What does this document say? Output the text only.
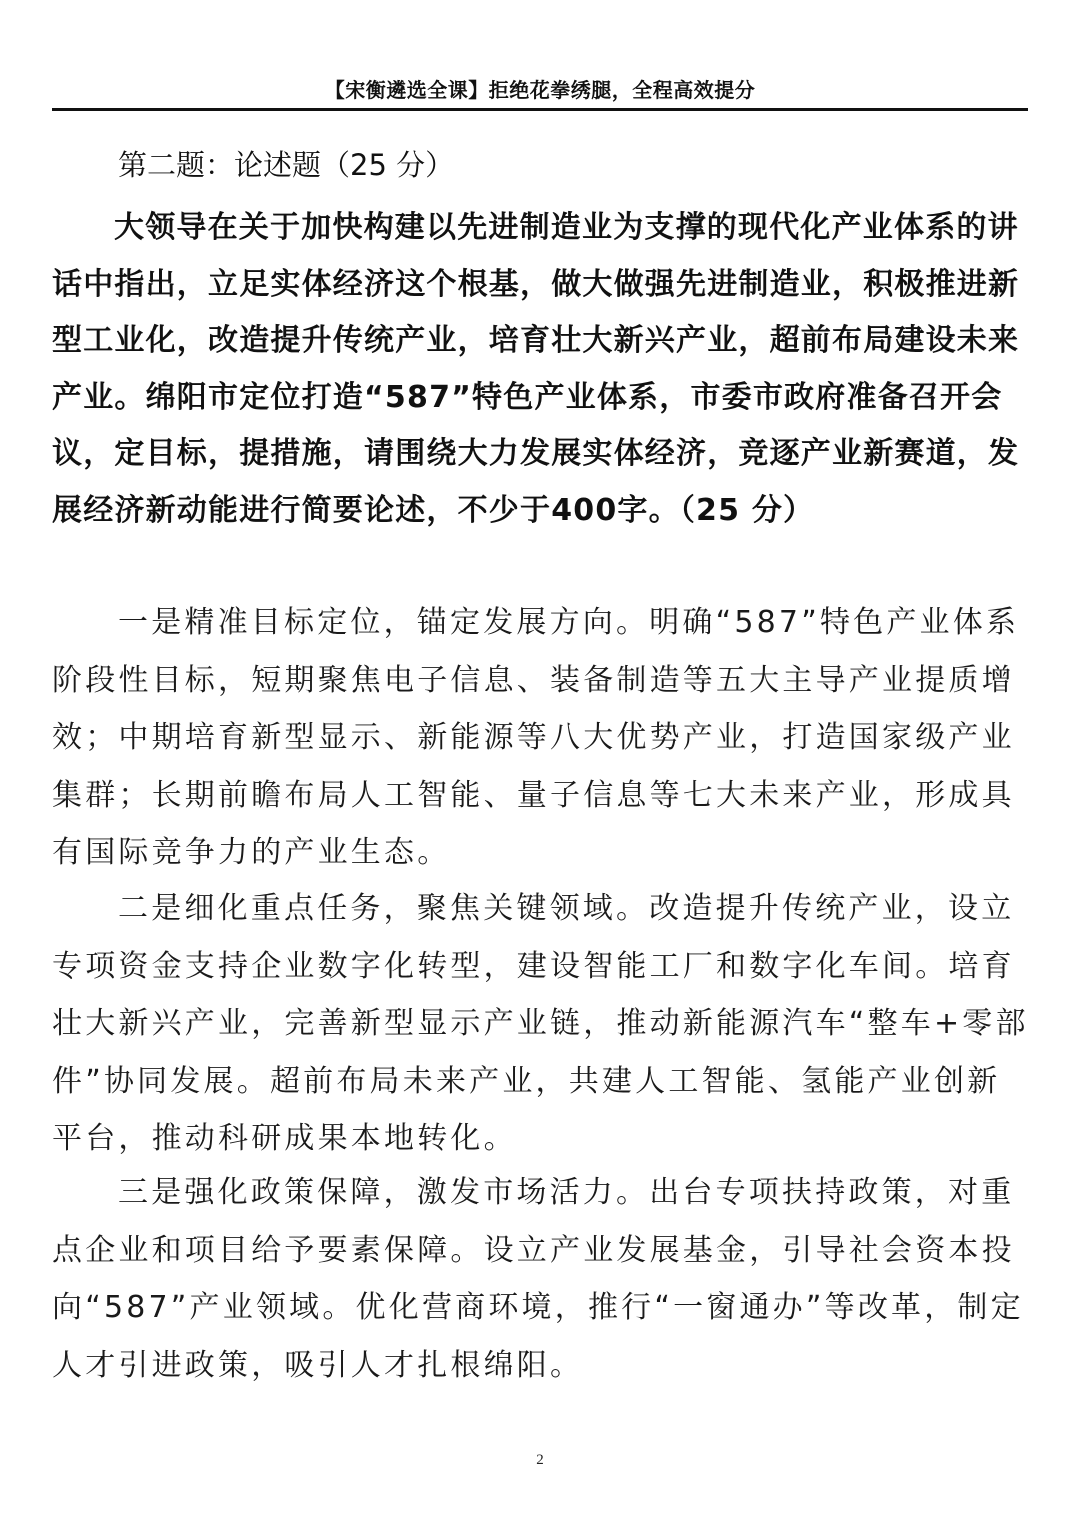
【宋衡遴选全课】拒绝花拳绣腿，全程高效提分
第二题：论述题（25 分）

大领导在关于加快构建以先进制造业为支撑的现代化产业体系的讲话中指出，立足实体经济这个根基，做大做强先进制造业，积极推进新型工业化，改造提升传统产业，培育壮大新兴产业，超前布局建设未来产业。绵阳市定位打造“587”特色产业体系，市委市政府准备召开会议，定目标，提措施，请围绕大力发展实体经济，竞逐产业新赛道，发展经济新动能进行简要论述，不少于400字。（25 分）

一是精准目标定位，锚定发展方向。明确“587”特色产业体系阶段性目标，短期聚焦电子信息、装备制造等五大主导产业提质增效；中期培育新型显示、新能源等八大优势产业，打造国家级产业集群；长期前瞻布局人工智能、量子信息等七大未来产业，形成具有国际竞争力的产业生态。

二是细化重点任务，聚焦关键领域。改造提升传统产业，设立专项资金支持企业数字化转型，建设智能工厂和数字化车间。培育壮大新兴产业，完善新型显示产业链，推动新能源汽车“整车+零部件”协同发展。超前布局未来产业，共建人工智能、氢能产业创新平台，推动科研成果本地转化。

三是强化政策保障，激发市场活力。出台专项扶持政策，对重点企业和项目给予要素保障。设立产业发展基金，引导社会资本投向“587”产业领域。优化营商环境，推行“一窗通办”等改革，制定人才引进政策，吸引人才扎根绵阳。

2
